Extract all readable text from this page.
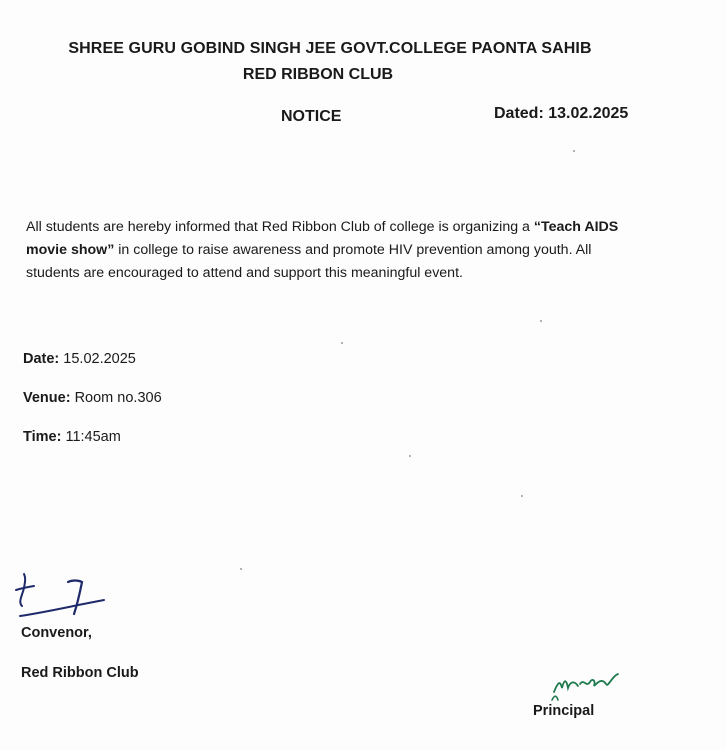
SHREE GURU GOBIND SINGH JEE GOVT.COLLEGE PAONTA SAHIB
RED RIBBON CLUB
NOTICE	Dated: 13.02.2025
All students are hereby informed that Red Ribbon Club of college is organizing a “Teach AIDS
movie show” in college to raise awareness and promote HIV prevention among youth. All
students are encouraged to attend and support this meaningful event.
Date: 15.02.2025
Venue: Room no.306
Time: 11:45am
Convenor,
Red Ribbon Club
Principal
